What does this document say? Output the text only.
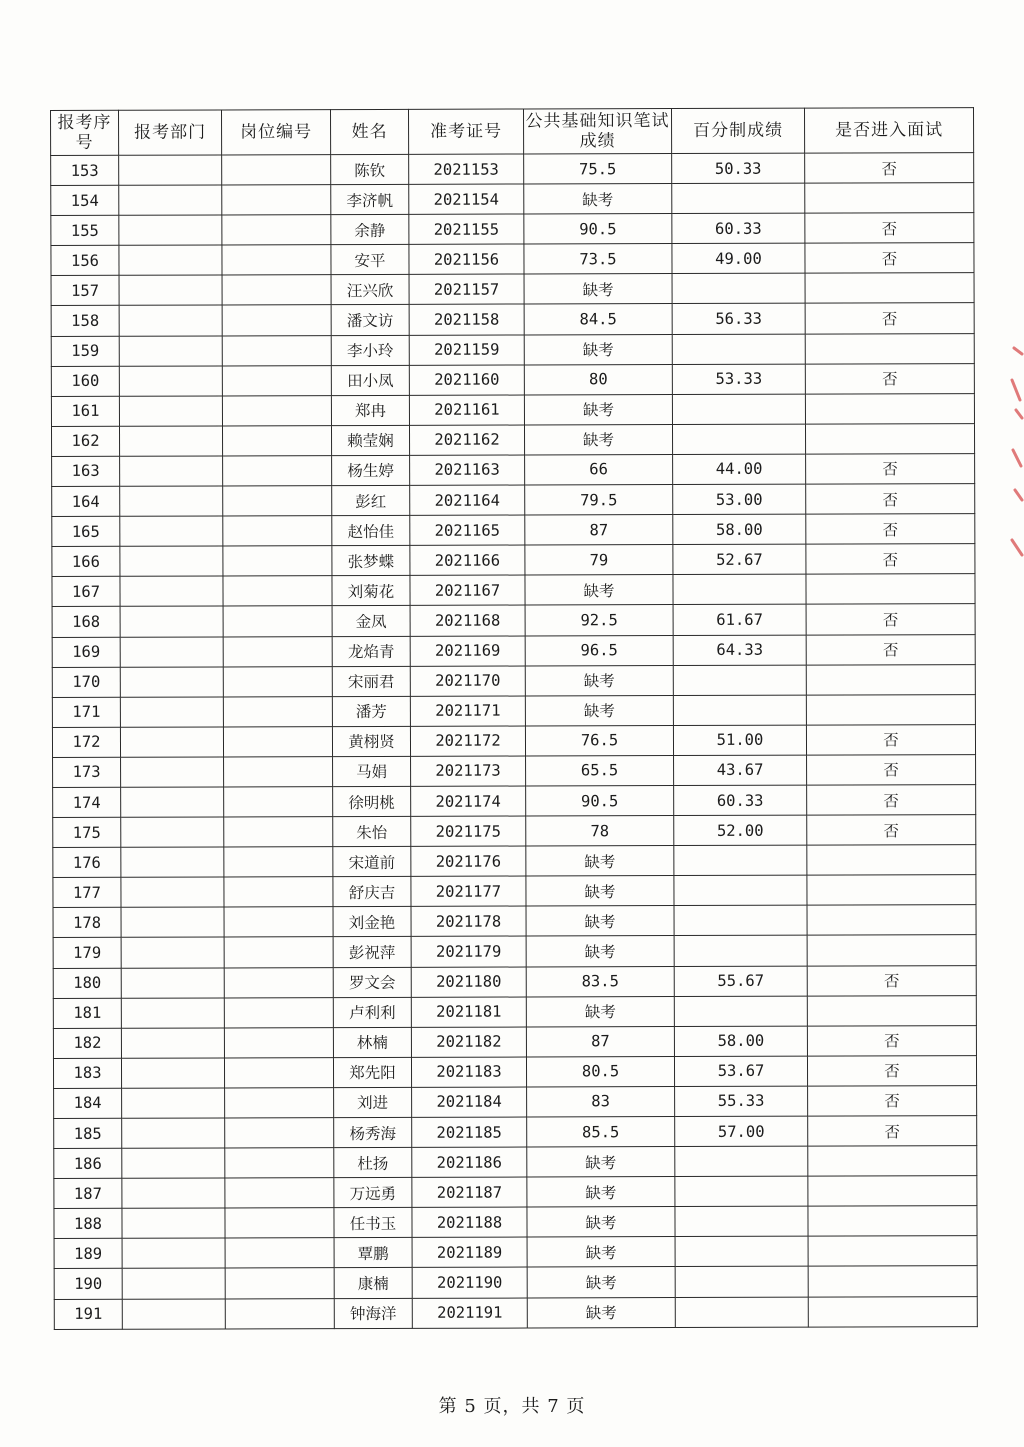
报考序号	报考部门	岗位编号	姓名	准考证号	公共基础知识笔试成绩	百分制成绩	是否进入面试
153			陈钦	2021153	75.5	50.33	否
154			李济帆	2021154	缺考		
155			余静	2021155	90.5	60.33	否
156			安平	2021156	73.5	49.00	否
157			汪兴欣	2021157	缺考		
158			潘文访	2021158	84.5	56.33	否
159			李小玲	2021159	缺考		
160			田小凤	2021160	80	53.33	否
161			郑冉	2021161	缺考		
162			赖莹娴	2021162	缺考		
163			杨生婷	2021163	66	44.00	否
164			彭红	2021164	79.5	53.00	否
165			赵怡佳	2021165	87	58.00	否
166			张梦蝶	2021166	79	52.67	否
167			刘菊花	2021167	缺考		
168			金凤	2021168	92.5	61.67	否
169			龙焰青	2021169	96.5	64.33	否
170			宋丽君	2021170	缺考		
171			潘芳	2021171	缺考		
172			黄栩贤	2021172	76.5	51.00	否
173			马娟	2021173	65.5	43.67	否
174			徐明桃	2021174	90.5	60.33	否
175			朱怡	2021175	78	52.00	否
176			宋道前	2021176	缺考		
177			舒庆吉	2021177	缺考		
178			刘金艳	2021178	缺考		
179			彭祝萍	2021179	缺考		
180			罗文会	2021180	83.5	55.67	否
181			卢利利	2021181	缺考		
182			林楠	2021182	87	58.00	否
183			郑先阳	2021183	80.5	53.67	否
184			刘进	2021184	83	55.33	否
185			杨秀海	2021185	85.5	57.00	否
186			杜扬	2021186	缺考		
187			万远勇	2021187	缺考		
188			任书玉	2021188	缺考		
189			覃鹏	2021189	缺考		
190			康楠	2021190	缺考		
191			钟海洋	2021191	缺考		
第 5 页，共 7 页
